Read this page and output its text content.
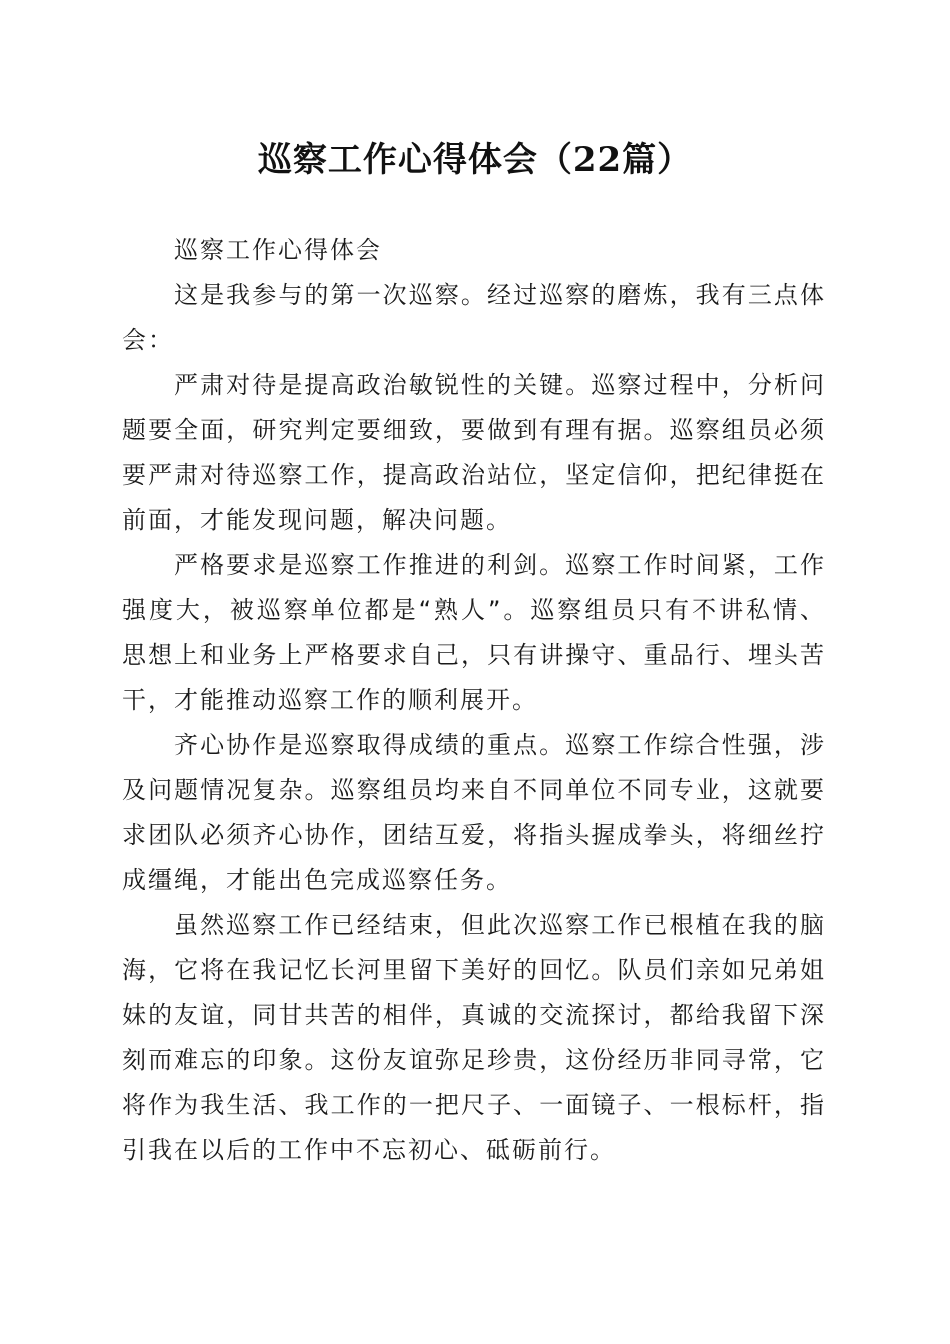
巡察工作心得体会（22篇）

巡察工作心得体会

这是我参与的第一次巡察。经过巡察的磨炼，我有三点体会：

严肃对待是提高政治敏锐性的关键。巡察过程中，分析问题要全面，研究判定要细致，要做到有理有据。巡察组员必须要严肃对待巡察工作，提高政治站位，坚定信仰，把纪律挺在前面，才能发现问题，解决问题。

严格要求是巡察工作推进的利剑。巡察工作时间紧，工作强度大，被巡察单位都是“熟人”。巡察组员只有不讲私情、思想上和业务上严格要求自己，只有讲操守、重品行、埋头苦干，才能推动巡察工作的顺利展开。

齐心协作是巡察取得成绩的重点。巡察工作综合性强，涉及问题情况复杂。巡察组员均来自不同单位不同专业，这就要求团队必须齐心协作，团结互爱，将指头握成拳头，将细丝拧成缰绳，才能出色完成巡察任务。

虽然巡察工作已经结束，但此次巡察工作已根植在我的脑海，它将在我记忆长河里留下美好的回忆。队员们亲如兄弟姐妹的友谊，同甘共苦的相伴，真诚的交流探讨，都给我留下深刻而难忘的印象。这份友谊弥足珍贵，这份经历非同寻常，它将作为我生活、我工作的一把尺子、一面镜子、一根标杆，指引我在以后的工作中不忘初心、砥砺前行。
